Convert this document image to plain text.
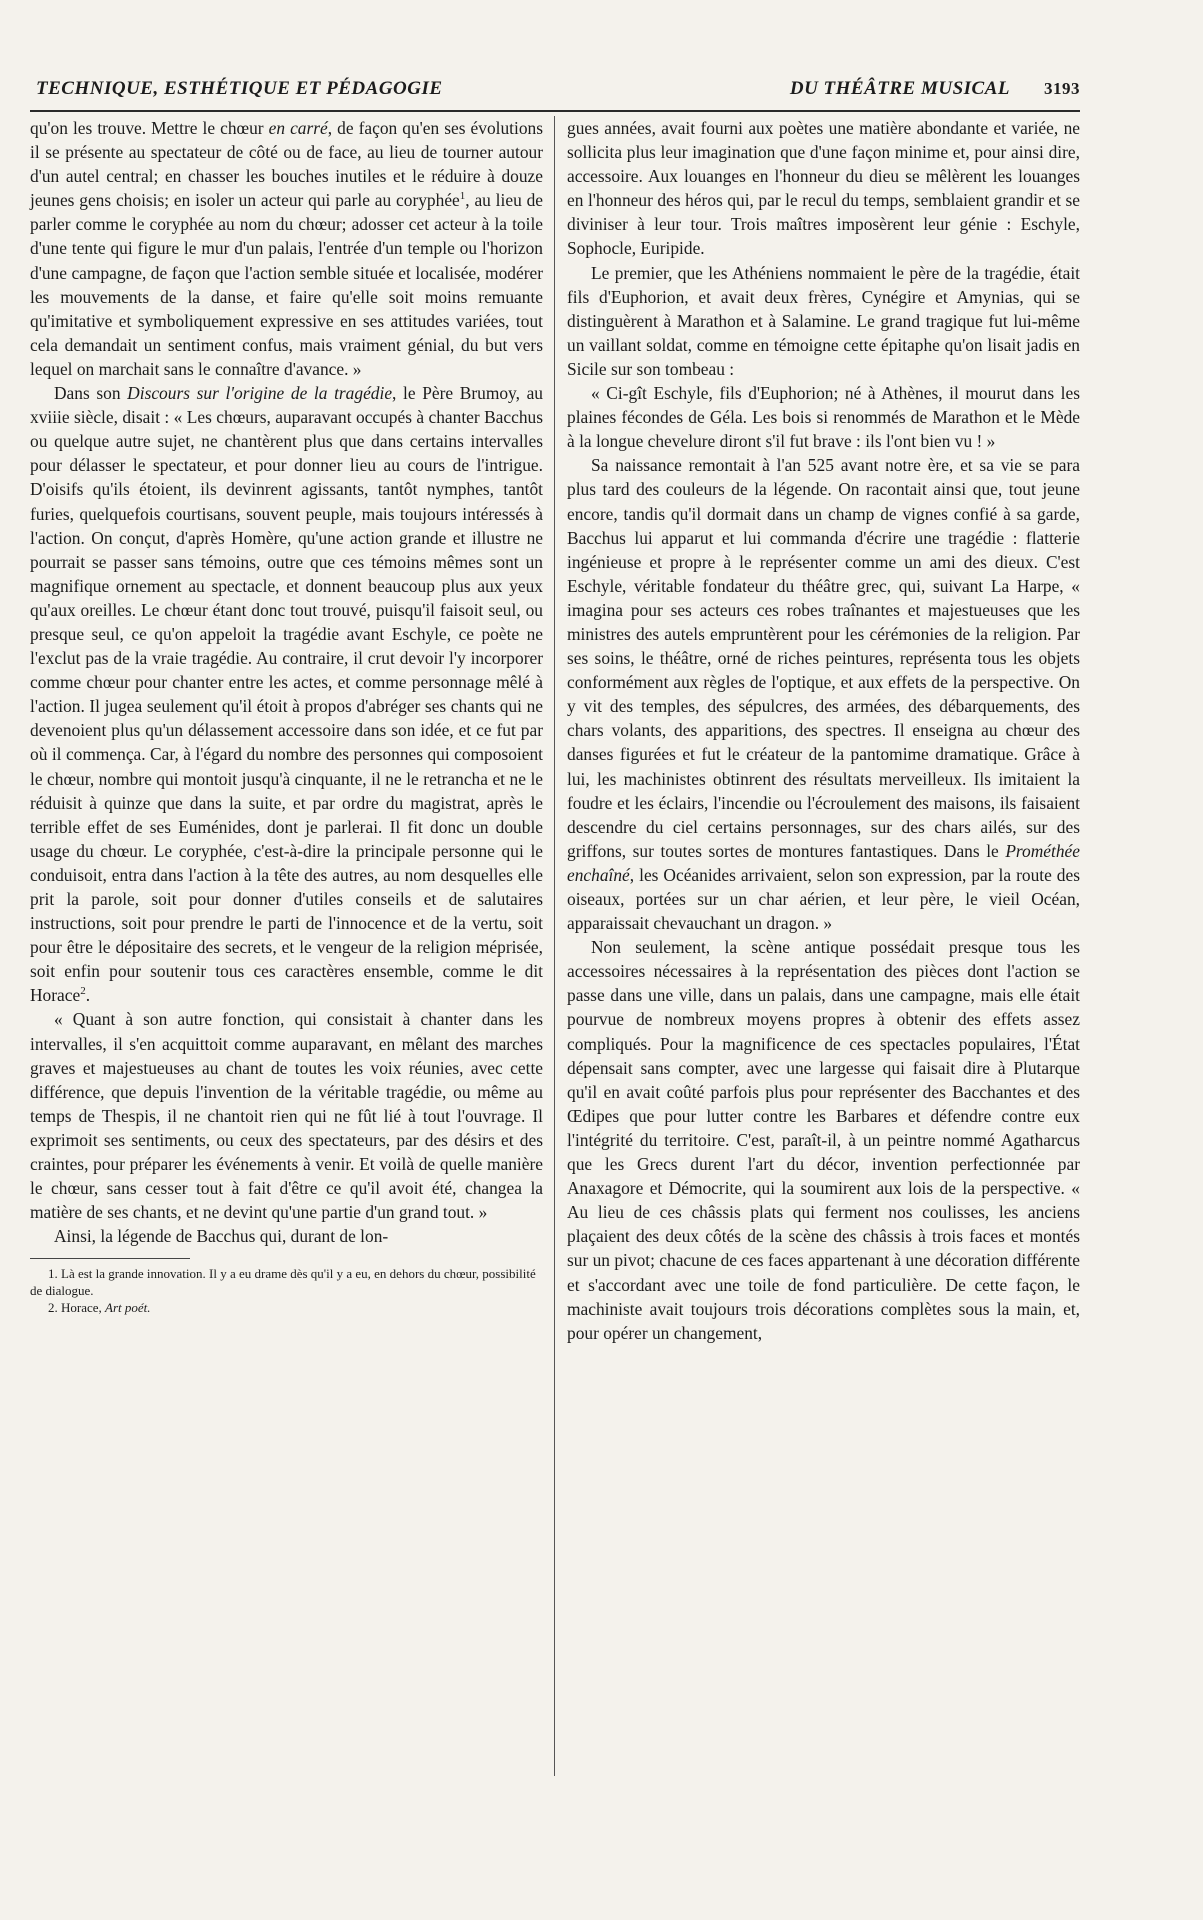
TECHNIQUE, ESTHÉTIQUE ET PÉDAGOGIE	DU THÉÂTRE MUSICAL 3193

qu'on les trouve. Mettre le chœur en carré, de façon qu'en ses évolutions il se présente au spectateur de côté ou de face, au lieu de tourner autour d'un autel central; en chasser les bouches inutiles et le réduire à douze jeunes gens choisis; en isoler un acteur qui parle au coryphée$^1$, au lieu de parler comme le coryphée au nom du chœur; adosser cet acteur à la toile d'une tente qui figure le mur d'un palais, l'entrée d'un temple ou l'horizon d'une campagne, de façon que l'action semble située et localisée, modérer les mouvements de la danse, et faire qu'elle soit moins remuante qu'imitative et symboliquement expressive en ses attitudes variées, tout cela demandait un sentiment confus, mais vraiment génial, du but vers lequel on marchait sans le connaître d'avance. »

Dans son Discours sur l'origine de la tragédie, le Père Brumoy, au xviiie siècle, disait : « Les chœurs, auparavant occupés à chanter Bacchus ou quelque autre sujet, ne chantèrent plus que dans certains intervalles pour délasser le spectateur, et pour donner lieu au cours de l'intrigue. D'oisifs qu'ils étoient, ils devinrent agissants, tantôt nymphes, tantôt furies, quelquefois courtisans, souvent peuple, mais toujours intéressés à l'action. On conçut, d'après Homère, qu'une action grande et illustre ne pourrait se passer sans témoins, outre que ces témoins mêmes sont un magnifique ornement au spectacle, et donnent beaucoup plus aux yeux qu'aux oreilles. Le chœur étant donc tout trouvé, puisqu'il faisoit seul, ou presque seul, ce qu'on appeloit la tragédie avant Eschyle, ce poète ne l'exclut pas de la vraie tragédie. Au contraire, il crut devoir l'y incorporer comme chœur pour chanter entre les actes, et comme personnage mêlé à l'action. Il jugea seulement qu'il étoit à propos d'abréger ses chants qui ne devenoient plus qu'un délassement accessoire dans son idée, et ce fut par où il commença. Car, à l'égard du nombre des personnes qui composoient le chœur, nombre qui montoit jusqu'à cinquante, il ne le retrancha et ne le réduisit à quinze que dans la suite, et par ordre du magistrat, après le terrible effet de ses Euménides, dont je parlerai. Il fit donc un double usage du chœur. Le coryphée, c'est-à-dire la principale personne qui le conduisoit, entra dans l'action à la tête des autres, au nom desquelles elle prit la parole, soit pour donner d'utiles conseils et de salutaires instructions, soit pour prendre le parti de l'innocence et de la vertu, soit pour être le dépositaire des secrets, et le vengeur de la religion méprisée, soit enfin pour soutenir tous ces caractères ensemble, comme le dit Horace$^2$.

« Quant à son autre fonction, qui consistait à chanter dans les intervalles, il s'en acquittoit comme auparavant, en mêlant des marches graves et majestueuses au chant de toutes les voix réunies, avec cette différence, que depuis l'invention de la véritable tragédie, ou même au temps de Thespis, il ne chantoit rien qui ne fût lié à tout l'ouvrage. Il exprimoit ses sentiments, ou ceux des spectateurs, par des désirs et des craintes, pour préparer les événements à venir. Et voilà de quelle manière le chœur, sans cesser tout à fait d'être ce qu'il avoit été, changea la matière de ses chants, et ne devint qu'une partie d'un grand tout. »

Ainsi, la légende de Bacchus qui, durant de lon-

1. Là est la grande innovation. Il y a eu drame dès qu'il y a eu, en dehors du chœur, possibilité de dialogue.
2. Horace, Art poét.

gues années, avait fourni aux poètes une matière abondante et variée, ne sollicita plus leur imagination que d'une façon minime et, pour ainsi dire, accessoire. Aux louanges en l'honneur du dieu se mêlèrent les louanges en l'honneur des héros qui, par le recul du temps, semblaient grandir et se diviniser à leur tour. Trois maîtres imposèrent leur génie : Eschyle, Sophocle, Euripide.

Le premier, que les Athéniens nommaient le père de la tragédie, était fils d'Euphorion, et avait deux frères, Cynégire et Amynias, qui se distinguèrent à Marathon et à Salamine. Le grand tragique fut lui-même un vaillant soldat, comme en témoigne cette épitaphe qu'on lisait jadis en Sicile sur son tombeau :

« Ci-gît Eschyle, fils d'Euphorion; né à Athènes, il mourut dans les plaines fécondes de Géla. Les bois si renommés de Marathon et le Mède à la longue chevelure diront s'il fut brave : ils l'ont bien vu ! »

Sa naissance remontait à l'an 525 avant notre ère, et sa vie se para plus tard des couleurs de la légende. On racontait ainsi que, tout jeune encore, tandis qu'il dormait dans un champ de vignes confié à sa garde, Bacchus lui apparut et lui commanda d'écrire une tragédie : flatterie ingénieuse et propre à le représenter comme un ami des dieux. C'est Eschyle, véritable fondateur du théâtre grec, qui, suivant La Harpe, « imagina pour ses acteurs ces robes traînantes et majestueuses que les ministres des autels empruntèrent pour les cérémonies de la religion. Par ses soins, le théâtre, orné de riches peintures, représenta tous les objets conformément aux règles de l'optique, et aux effets de la perspective. On y vit des temples, des sépulcres, des armées, des débarquements, des chars volants, des apparitions, des spectres. Il enseigna au chœur des danses figurées et fut le créateur de la pantomime dramatique. Grâce à lui, les machinistes obtinrent des résultats merveilleux. Ils imitaient la foudre et les éclairs, l'incendie ou l'écroulement des maisons, ils faisaient descendre du ciel certains personnages, sur des chars ailés, sur des griffons, sur toutes sortes de montures fantastiques. Dans le Prométhée enchaîné, les Océanides arrivaient, selon son expression, par la route des oiseaux, portées sur un char aérien, et leur père, le vieil Océan, apparaissait chevauchant un dragon. »

Non seulement, la scène antique possédait presque tous les accessoires nécessaires à la représentation des pièces dont l'action se passe dans une ville, dans un palais, dans une campagne, mais elle était pourvue de nombreux moyens propres à obtenir des effets assez compliqués. Pour la magnificence de ces spectacles populaires, l'État dépensait sans compter, avec une largesse qui faisait dire à Plutarque qu'il en avait coûté parfois plus pour représenter des Bacchantes et des Œdipes que pour lutter contre les Barbares et défendre contre eux l'intégrité du territoire. C'est, paraît-il, à un peintre nommé Agatharcus que les Grecs durent l'art du décor, invention perfectionnée par Anaxagore et Démocrite, qui la soumirent aux lois de la perspective. « Au lieu de ces châssis plats qui ferment nos coulisses, les anciens plaçaient des deux côtés de la scène des châssis à trois faces et montés sur un pivot; chacune de ces faces appartenant à une décoration différente et s'accordant avec une toile de fond particulière. De cette façon, le machiniste avait toujours trois décorations complètes sous la main, et, pour opérer un changement,
